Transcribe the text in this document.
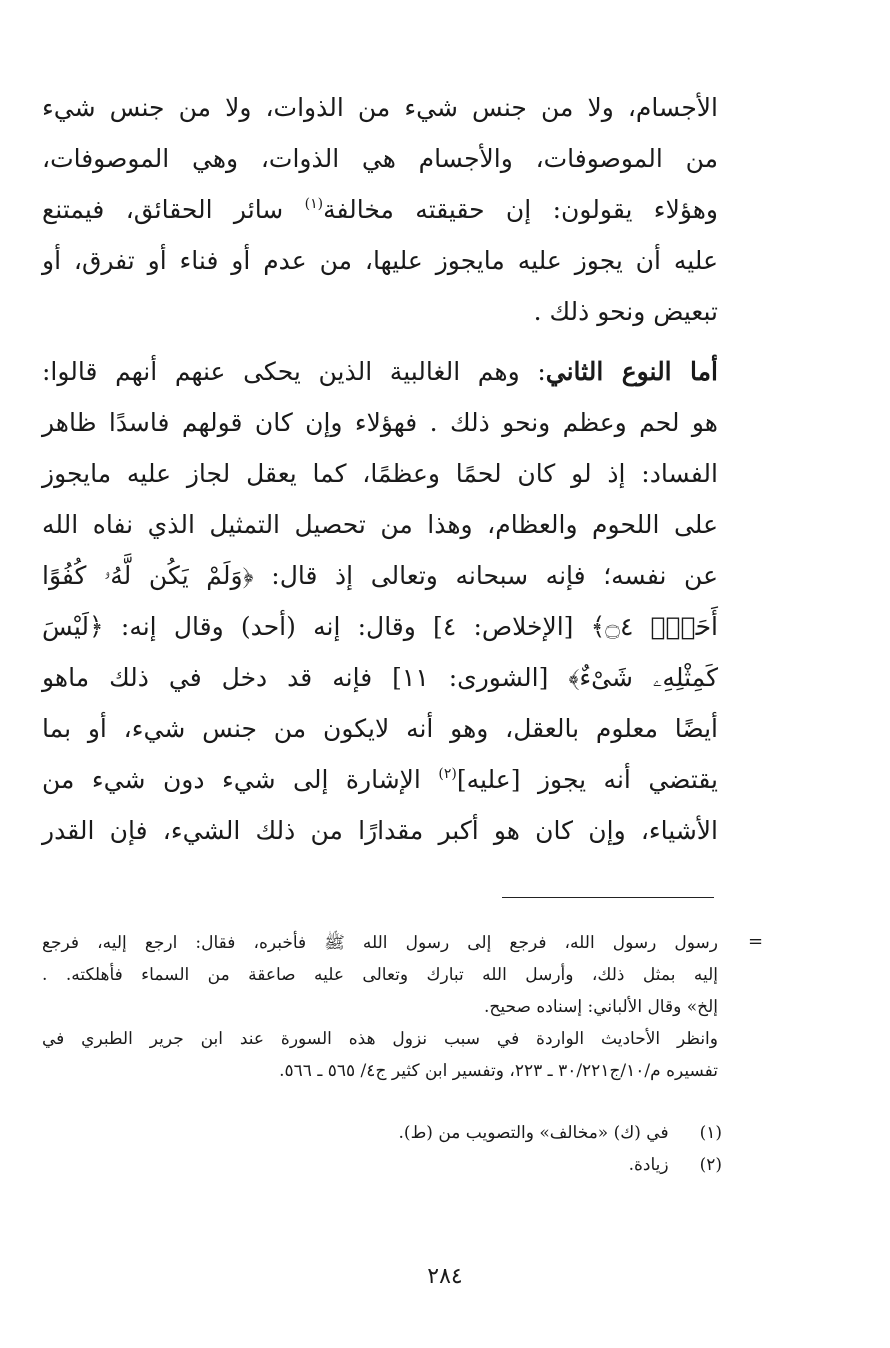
الأجسام، ولا من جنس شيء من الذوات، ولا من جنس شيء
من الموصوفات، والأجسام هي الذوات، وهي الموصوفات،
وهؤلاء يقولون: إن حقيقته مخالفة$^{(١)}$ سائر الحقائق، فيمتنع
عليه أن يجوز عليه مايجوز عليها، من عدم أو فناء أو تفرق، أو
تبعيض ونحو ذلك .
أما النوع الثاني: وهم الغالبية الذين يحكى عنهم أنهم قالوا:
هو لحم وعظم ونحو ذلك . فهؤلاء وإن كان قولهم فاسدًا ظاهر
الفساد: إذ لو كان لحمًا وعظمًا، كما يعقل لجاز عليه مايجوز
على اللحوم والعظام، وهذا من تحصيل التمثيل الذي نفاه الله
عن نفسه؛ فإنه سبحانه وتعالى إذ قال: ﴿وَلَمْ يَكُن لَّهُۥ كُفُوًا
أَحَدٌۢ ۝٤﴾ [الإخلاص: ٤] وقال: إنه (أحد) وقال إنه: ﴿لَيْسَ
كَمِثْلِهِۦ شَىْءٌ﴾ [الشورى: ١١] فإنه قد دخل في ذلك ماهو
أيضًا معلوم بالعقل، وهو أنه لايكون من جنس شيء، أو بما
يقتضي أنه يجوز [عليه]$^{(٢)}$ الإشارة إلى شيء دون شيء من
الأشياء، وإن كان هو أكبر مقدارًا من ذلك الشيء، فإن القدر
=
رسول رسول الله، فرجع إلى رسول الله ﷺ فأخبره، فقال: ارجع إليه، فرجع
إليه بمثل ذلك، وأرسل الله تبارك وتعالى عليه صاعقة من السماء فأهلكته. .
إلخ» وقال الألباني: إسناده صحيح.
وانظر الأحاديث الواردة في سبب نزول هذه السورة عند ابن جرير الطبري في
تفسيره م/١٠/ج٣٠/٢٢١ ـ ٢٢٣، وتفسير ابن كثير ج٤/ ٥٦٥ ـ ٥٦٦.
(١) في (ك) «مخالف» والتصويب من (ط).
(٢) زيادة.
٢٨٤
